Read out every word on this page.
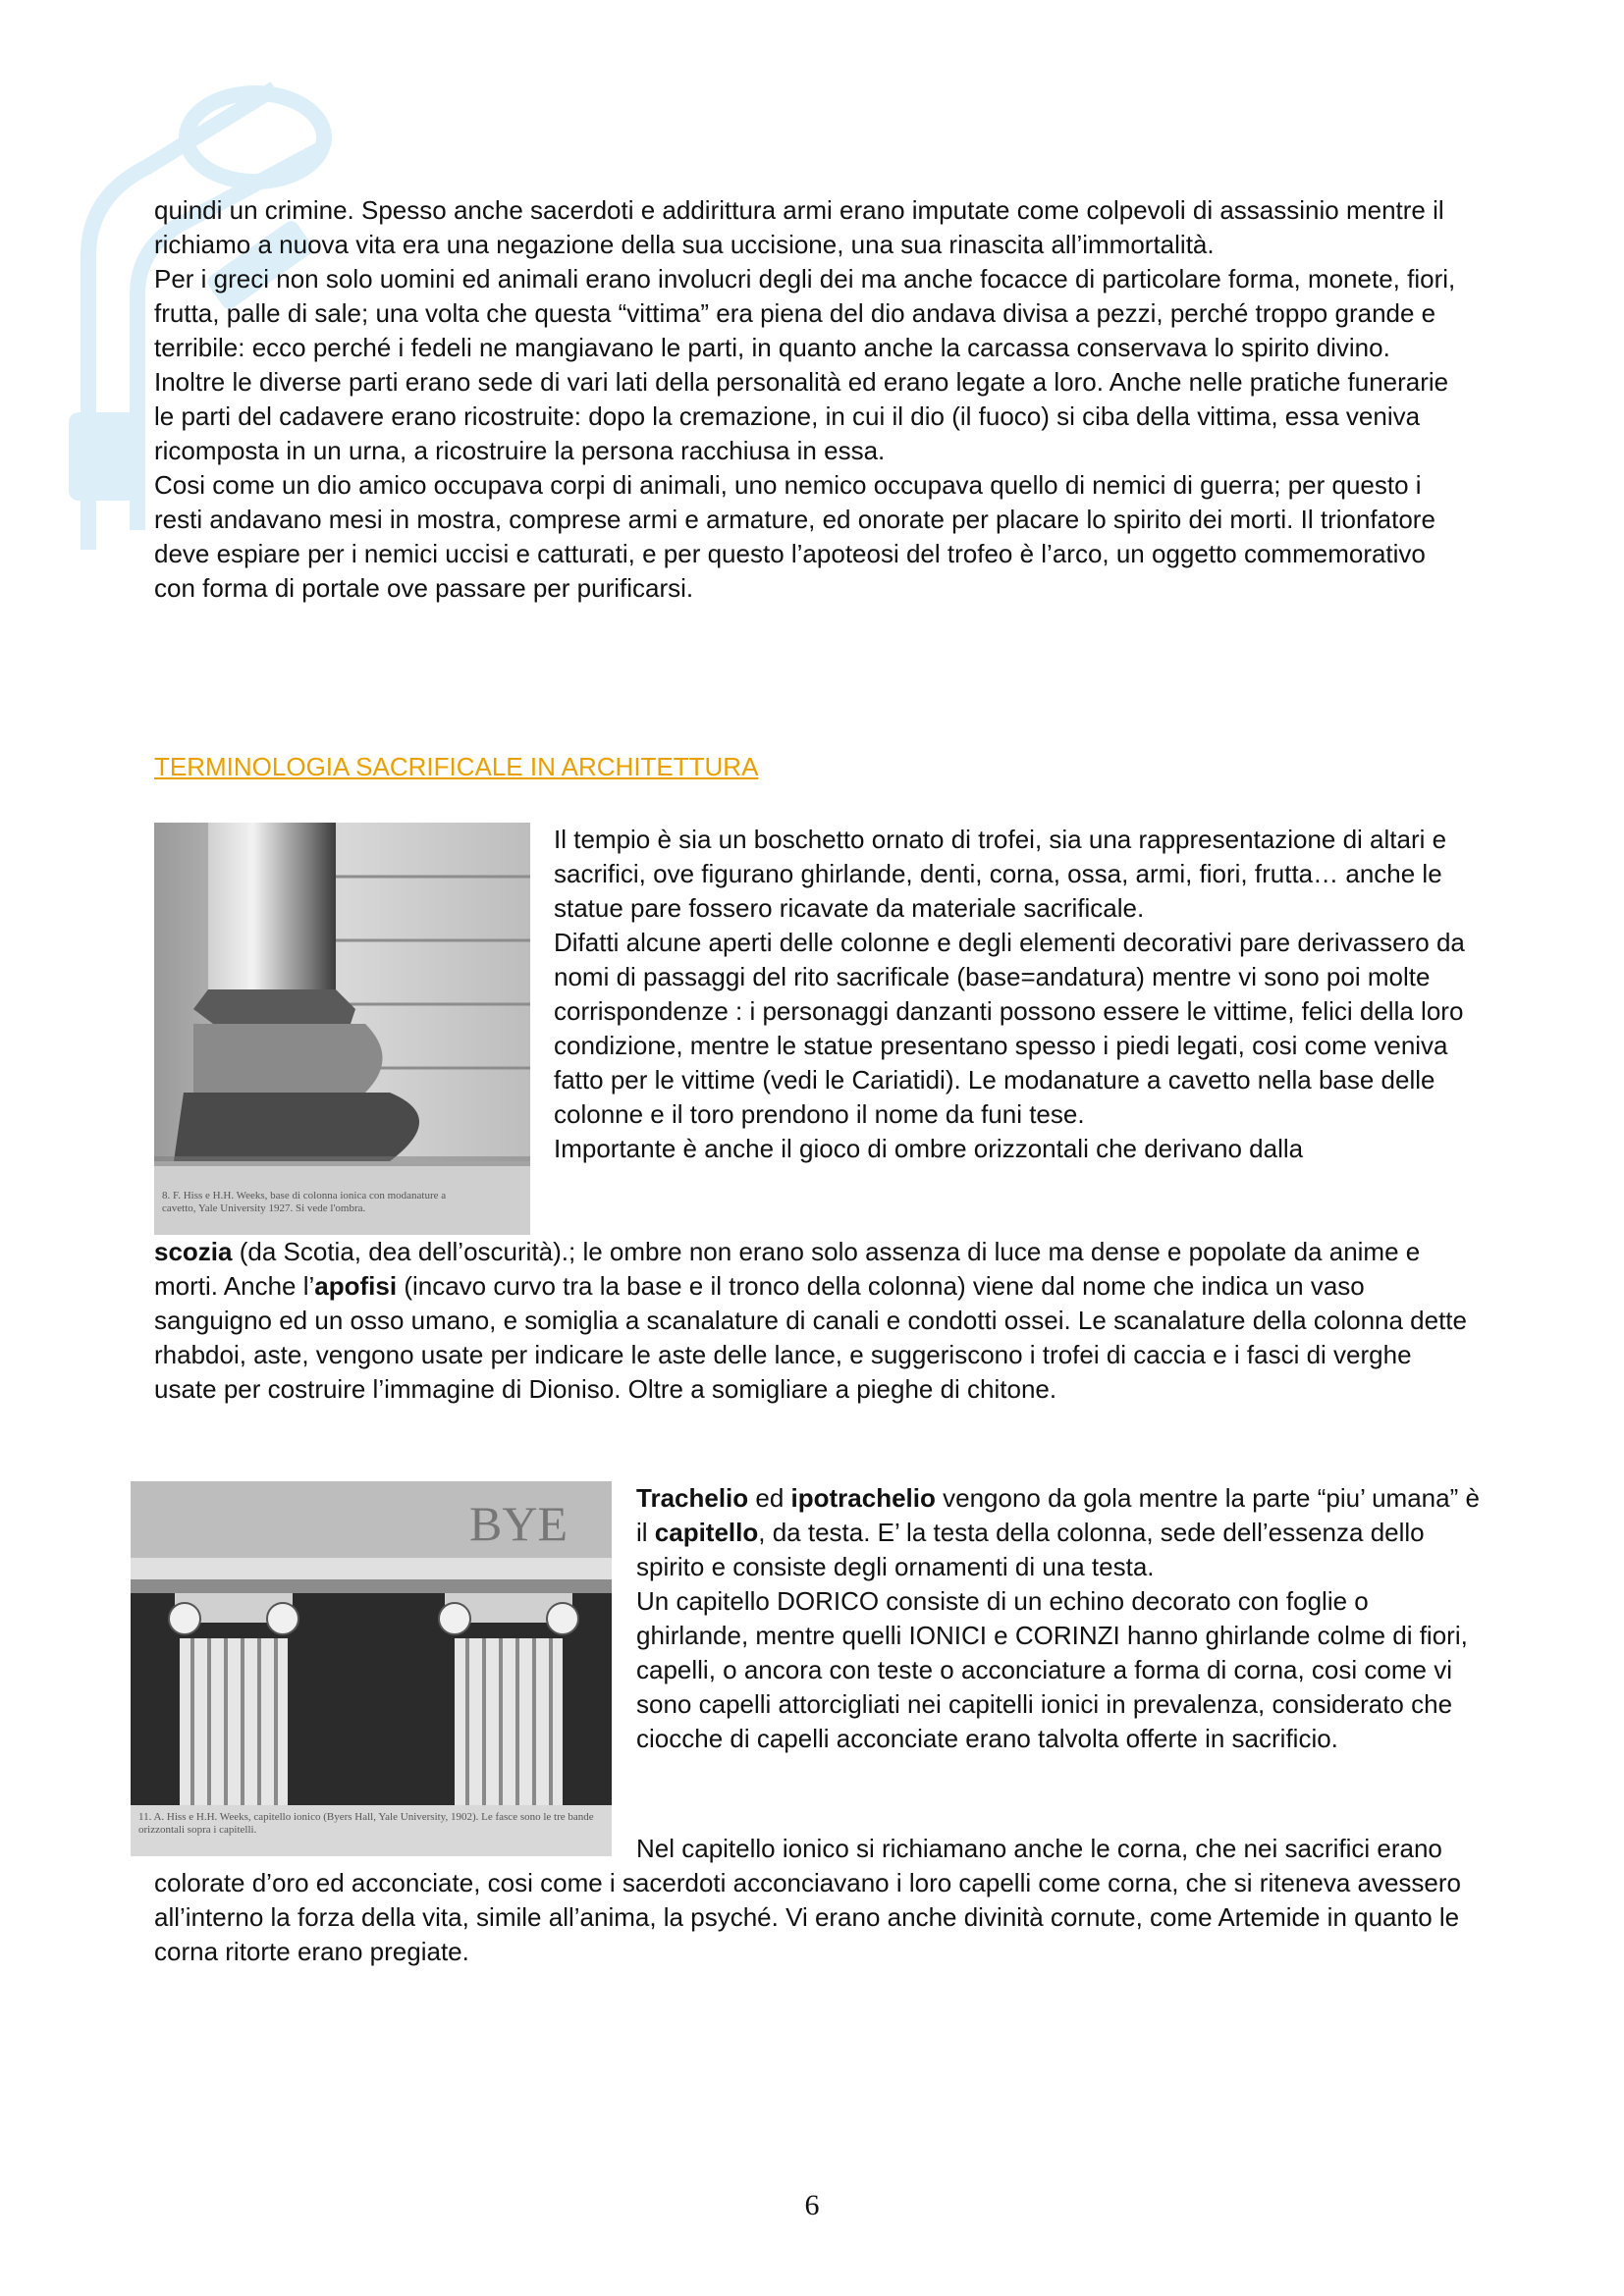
quindi un crimine. Spesso anche sacerdoti e addirittura armi erano imputate come colpevoli di assassinio mentre il richiamo a nuova vita era una negazione della sua uccisione, una sua rinascita all’immortalità.

Per i greci non solo uomini ed animali erano involucri degli dei ma anche focacce di particolare forma, monete, fiori, frutta, palle di sale; una volta che questa “vittima” era piena del dio andava divisa a pezzi, perché troppo grande e terribile: ecco perché i fedeli ne mangiavano le parti, in quanto anche la carcassa conservava lo spirito divino.

Inoltre le diverse parti erano sede di vari lati della personalità ed erano legate a loro. Anche nelle pratiche funerarie le parti del cadavere erano ricostruite: dopo la cremazione, in cui il dio (il fuoco) si ciba della vittima, essa veniva ricomposta in un urna, a ricostruire la persona racchiusa in essa.

Cosi come un dio amico occupava corpi di animali, uno nemico occupava quello di nemici di guerra; per questo i resti andavano mesi in mostra, comprese armi e armature, ed onorate per placare lo spirito dei morti. Il trionfatore deve espiare per i nemici uccisi e catturati, e per questo l’apoteosi del trofeo è l’arco, un oggetto commemorativo con forma di portale ove passare per purificarsi.

TERMINOLOGIA SACRIFICALE IN ARCHITETTURA
8. F. Hiss e H.H. Weeks, base di colonna ionica con modanature a cavetto, Yale University 1927. Si vede l'ombra.

Il tempio è sia un boschetto ornato di trofei, sia una rappresentazione di altari e sacrifici, ove figurano ghirlande, denti, corna, ossa, armi, fiori, frutta… anche le statue pare fossero ricavate da materiale sacrificale.

Difatti alcune aperti delle colonne e degli elementi decorativi pare derivassero da nomi di passaggi del rito sacrificale (base=andatura) mentre vi sono poi molte corrispondenze : i personaggi danzanti possono essere le vittime, felici della loro condizione, mentre le statue presentano spesso i piedi legati, cosi come veniva fatto per le vittime (vedi le Cariatidi). Le modanature a cavetto nella base delle colonne e il toro prendono il nome da funi tese.

Importante è anche il gioco di ombre orizzontali che derivano dalla

scozia (da Scotia, dea dell’oscurità).; le ombre non erano solo assenza di luce ma dense e popolate da anime e morti. Anche l’apofisi (incavo curvo tra la base e il tronco della colonna) viene dal nome che indica un vaso sanguigno ed un osso umano, e somiglia a scanalature di canali e condotti ossei. Le scanalature della colonna dette rhabdoi, aste, vengono usate per indicare le aste delle lance, e suggeriscono i trofei di caccia e i fasci di verghe usate per costruire l’immagine di Dioniso. Oltre a somigliare a pieghe di chitone.

BYE
11. A. Hiss e H.H. Weeks, capitello ionico (Byers Hall, Yale University, 1902). Le fasce sono le tre bande orizzontali sopra i capitelli.

Trachelio ed ipotrachelio vengono da gola mentre la parte “piu’ umana” è il capitello, da testa. E’ la testa della colonna, sede dell’essenza dello spirito e consiste degli ornamenti di una testa.

Un capitello DORICO consiste di un echino decorato con foglie o ghirlande, mentre quelli IONICI e CORINZI hanno ghirlande colme di fiori, capelli, o ancora con teste o acconciature a forma di corna, cosi come vi sono capelli attorcigliati nei capitelli ionici in prevalenza, considerato che ciocche di capelli acconciate erano talvolta offerte in sacrificio.

Nel capitello ionico si richiamano anche le corna, che nei sacrifici erano colorate d’oro ed acconciate, cosi come i sacerdoti acconciavano i loro capelli come corna, che si riteneva avessero all’interno la forza della vita, simile all’anima, la psyché. Vi erano anche divinità cornute, come Artemide in quanto le corna ritorte erano pregiate.

6
